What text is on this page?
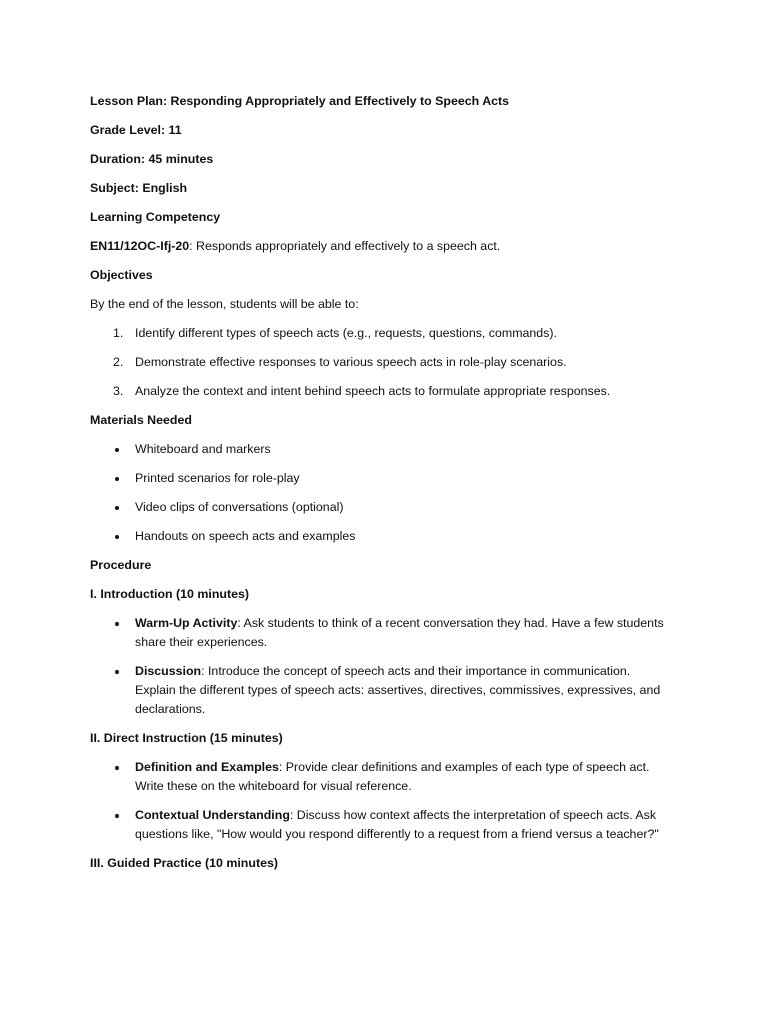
Lesson Plan: Responding Appropriately and Effectively to Speech Acts
Grade Level: 11
Duration: 45 minutes
Subject: English
Learning Competency
EN11/12OC-Ifj-20: Responds appropriately and effectively to a speech act.
Objectives
By the end of the lesson, students will be able to:
1. Identify different types of speech acts (e.g., requests, questions, commands).
2. Demonstrate effective responses to various speech acts in role-play scenarios.
3. Analyze the context and intent behind speech acts to formulate appropriate responses.
Materials Needed
Whiteboard and markers
Printed scenarios for role-play
Video clips of conversations (optional)
Handouts on speech acts and examples
Procedure
I. Introduction (10 minutes)
Warm-Up Activity: Ask students to think of a recent conversation they had. Have a few students
share their experiences.
Discussion: Introduce the concept of speech acts and their importance in communication.
Explain the different types of speech acts: assertives, directives, commissives, expressives, and
declarations.
II. Direct Instruction (15 minutes)
Definition and Examples: Provide clear definitions and examples of each type of speech act.
Write these on the whiteboard for visual reference.
Contextual Understanding: Discuss how context affects the interpretation of speech acts. Ask
questions like, "How would you respond differently to a request from a friend versus a teacher?"
III. Guided Practice (10 minutes)
